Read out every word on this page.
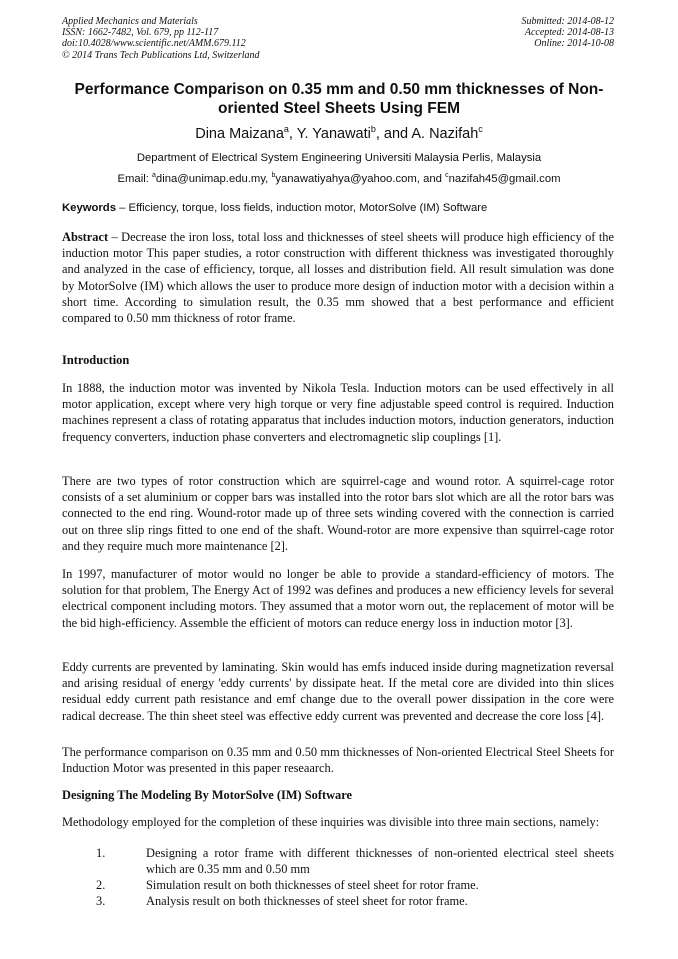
Applied Mechanics and Materials
ISSN: 1662-7482, Vol. 679, pp 112-117
doi:10.4028/www.scientific.net/AMM.679.112
© 2014 Trans Tech Publications Ltd, Switzerland
Submitted: 2014-08-12
Accepted: 2014-08-13
Online: 2014-10-08
Performance Comparison on 0.35 mm and 0.50 mm thicknesses of Non-oriented Steel Sheets Using FEM
Dina Maizana$^a$, Y. Yanawati$^b$, and A. Nazifah$^c$
Department of Electrical System Engineering Universiti Malaysia Perlis, Malaysia
Email: $^a$dina@unimap.edu.my, $^b$yanawatiyahya@yahoo.com, and $^c$nazifah45@gmail.com
Keywords – Efficiency, torque, loss fields, induction motor, MotorSolve (IM) Software

Abstract – Decrease the iron loss, total loss and thicknesses of steel sheets will produce high efficiency of the induction motor This paper studies, a rotor construction with different thickness was investigated thoroughly and analyzed in the case of efficiency, torque, all losses and distribution field. All result simulation was done by MotorSolve (IM) which allows the user to produce more design of induction motor with a decision within a short time. According to simulation result, the 0.35 mm showed that a best performance and efficient compared to 0.50 mm thickness of rotor frame.

Introduction

In 1888, the induction motor was invented by Nikola Tesla. Induction motors can be used effectively in all motor application, except where very high torque or very fine adjustable speed control is required. Induction machines represent a class of rotating apparatus that includes induction motors, induction generators, induction frequency converters, induction phase converters and electromagnetic slip couplings [1].

There are two types of rotor construction which are squirrel-cage and wound rotor. A squirrel-cage rotor consists of a set aluminium or copper bars was installed into the rotor bars slot which are all the rotor bars was connected to the end ring. Wound-rotor made up of three sets winding covered with the connection is carried out on three slip rings fitted to one end of the shaft. Wound-rotor are more expensive than squirrel-cage rotor and they require much more maintenance [2].

In 1997, manufacturer of motor would no longer be able to provide a standard-efficiency of motors. The solution for that problem, The Energy Act of 1992 was defines and produces a new efficiency levels for several electrical component including motors. They assumed that a motor worn out, the replacement of motor will be the bid high-efficiency. Assemble the efficient of motors can reduce energy loss in induction motor [3].

Eddy currents are prevented by laminating. Skin would has emfs induced inside during magnetization reversal and arising residual of energy 'eddy currents' by dissipate heat. If the metal core are divided into thin slices residual eddy current path resistance and emf change due to the overall power dissipation in the core were radical decrease. The thin sheet steel was effective eddy current was prevented and decrease the core loss [4].

The performance comparison on 0.35 mm and 0.50 mm thicknesses of Non-oriented Electrical Steel Sheets for Induction Motor was presented in this paper reseaarch.

Designing The Modeling By MotorSolve (IM) Software

Methodology employed for the completion of these inquiries was divisible into three main sections, namely:

1.	Designing a rotor frame with different thicknesses of non-oriented electrical steel sheets which are 0.35 mm and 0.50 mm
2.	Simulation result on both thicknesses of steel sheet for rotor frame.
3.	Analysis result on both thicknesses of steel sheet for rotor frame.
